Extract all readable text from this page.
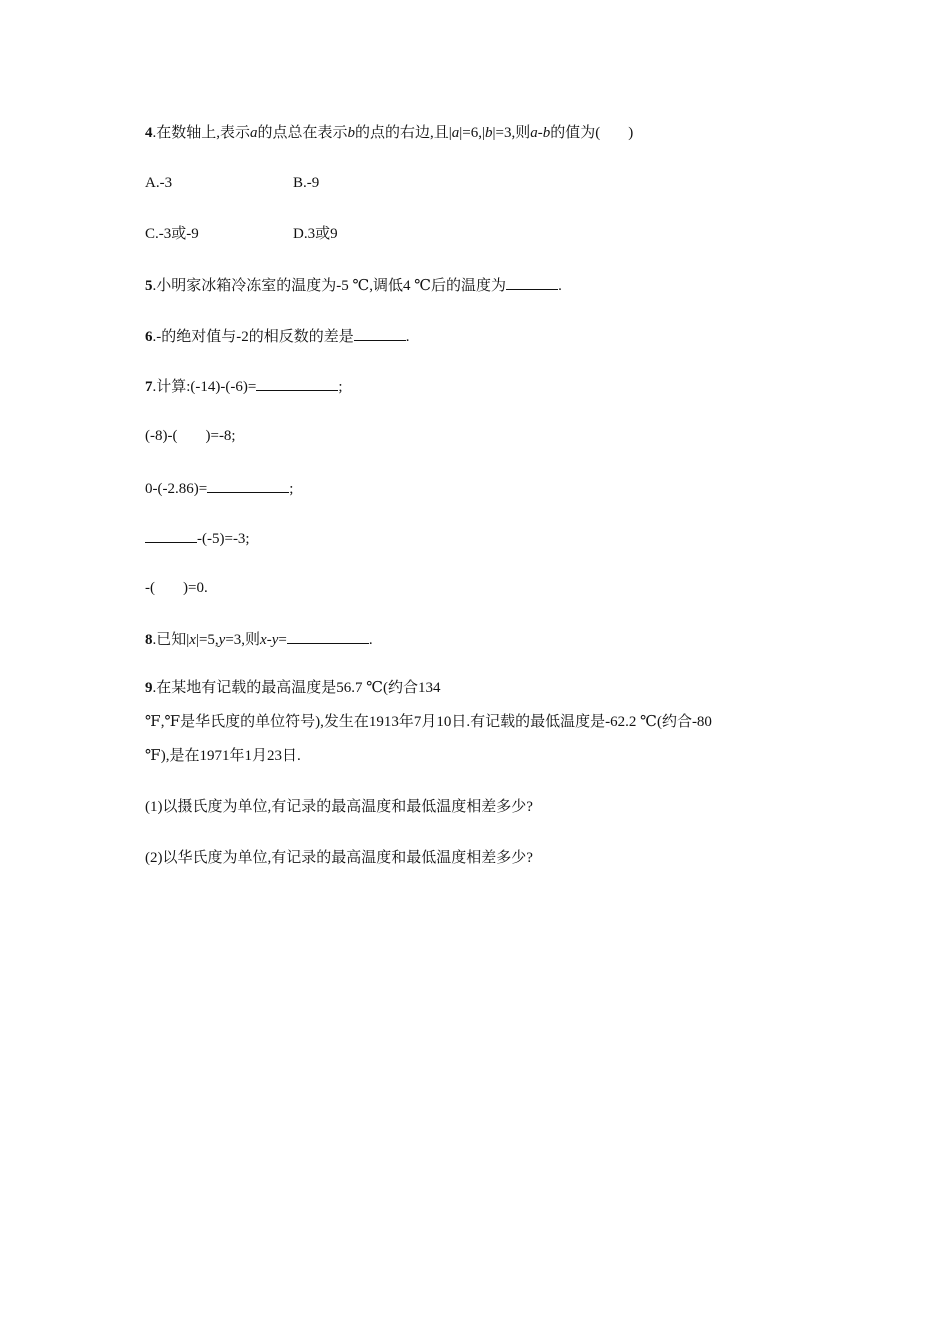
4.在数轴上,表示a的点总在表示b的点的右边,且|a|=6,|b|=3,则a-b的值为( )
A.-3	B.-9
C.-3或-9	D.3或9
5.小明家冰箱冷冻室的温度为-5 ℃,调低4 ℃后的温度为	.
6.-的绝对值与-2的相反数的差是	.
7.计算:(-14)-(-6)=	;
(-8)-( )=-8;
0-(-2.86)=	;
-(-5)=-3;
-( )=0.
8.已知|x|=5,y=3,则x-y=	.
9.在某地有记载的最高温度是56.7 ℃(约合134
℉,℉是华氏度的单位符号),发生在1913年7月10日.有记载的最低温度是-62.2 ℃(约合-80
℉),是在1971年1月23日.
(1)以摄氏度为单位,有记录的最高温度和最低温度相差多少?
(2)以华氏度为单位,有记录的最高温度和最低温度相差多少?
